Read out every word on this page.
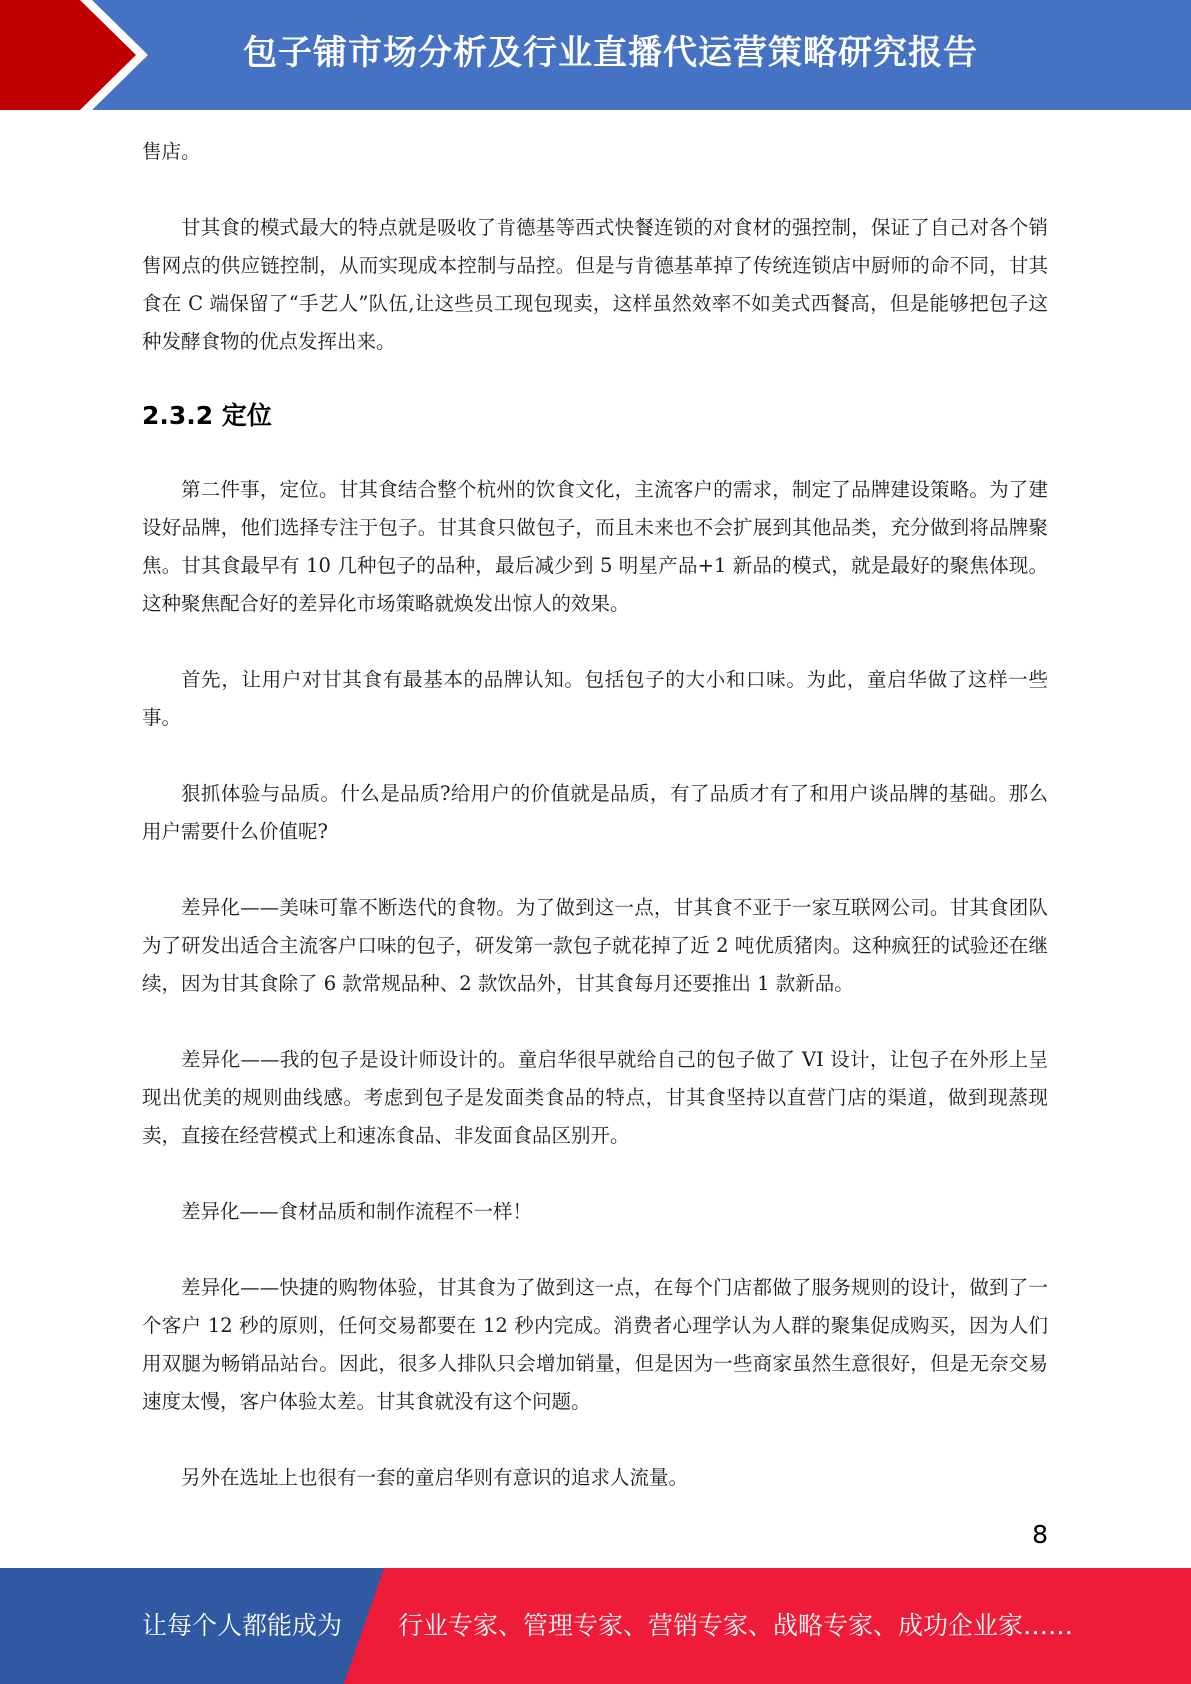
包子铺市场分析及行业直播代运营策略研究报告

售店。

甘其食的模式最大的特点就是吸收了肯德基等西式快餐连锁的对食材的强控制，保证了自己对各个销售网点的供应链控制，从而实现成本控制与品控。但是与肯德基革掉了传统连锁店中厨师的命不同，甘其食在 C 端保留了“手艺人”队伍,让这些员工现包现卖，这样虽然效率不如美式西餐高，但是能够把包子这种发酵食物的优点发挥出来。

2.3.2 定位

第二件事，定位。甘其食结合整个杭州的饮食文化，主流客户的需求，制定了品牌建设策略。为了建设好品牌，他们选择专注于包子。甘其食只做包子，而且未来也不会扩展到其他品类，充分做到将品牌聚焦。甘其食最早有 10 几种包子的品种，最后减少到 5 明星产品+1 新品的模式，就是最好的聚焦体现。这种聚焦配合好的差异化市场策略就焕发出惊人的效果。

首先，让用户对甘其食有最基本的品牌认知。包括包子的大小和口味。为此，童启华做了这样一些事。

狠抓体验与品质。什么是品质?给用户的价值就是品质，有了品质才有了和用户谈品牌的基础。那么用户需要什么价值呢?

差异化——美味可靠不断迭代的食物。为了做到这一点，甘其食不亚于一家互联网公司。甘其食团队为了研发出适合主流客户口味的包子，研发第一款包子就花掉了近 2 吨优质猪肉。这种疯狂的试验还在继续，因为甘其食除了 6 款常规品种、2 款饮品外，甘其食每月还要推出 1 款新品。

差异化——我的包子是设计师设计的。童启华很早就给自己的包子做了 VI 设计，让包子在外形上呈现出优美的规则曲线感。考虑到包子是发面类食品的特点，甘其食坚持以直营门店的渠道，做到现蒸现卖，直接在经营模式上和速冻食品、非发面食品区别开。

差异化——食材品质和制作流程不一样！

差异化——快捷的购物体验，甘其食为了做到这一点，在每个门店都做了服务规则的设计，做到了一个客户 12 秒的原则，任何交易都要在 12 秒内完成。消费者心理学认为人群的聚集促成购买，因为人们用双腿为畅销品站台。因此，很多人排队只会增加销量，但是因为一些商家虽然生意很好，但是无奈交易速度太慢，客户体验太差。甘其食就没有这个问题。

另外在选址上也很有一套的童启华则有意识的追求人流量。

8
让每个人都能成为 行业专家、管理专家、营销专家、战略专家、成功企业家……
